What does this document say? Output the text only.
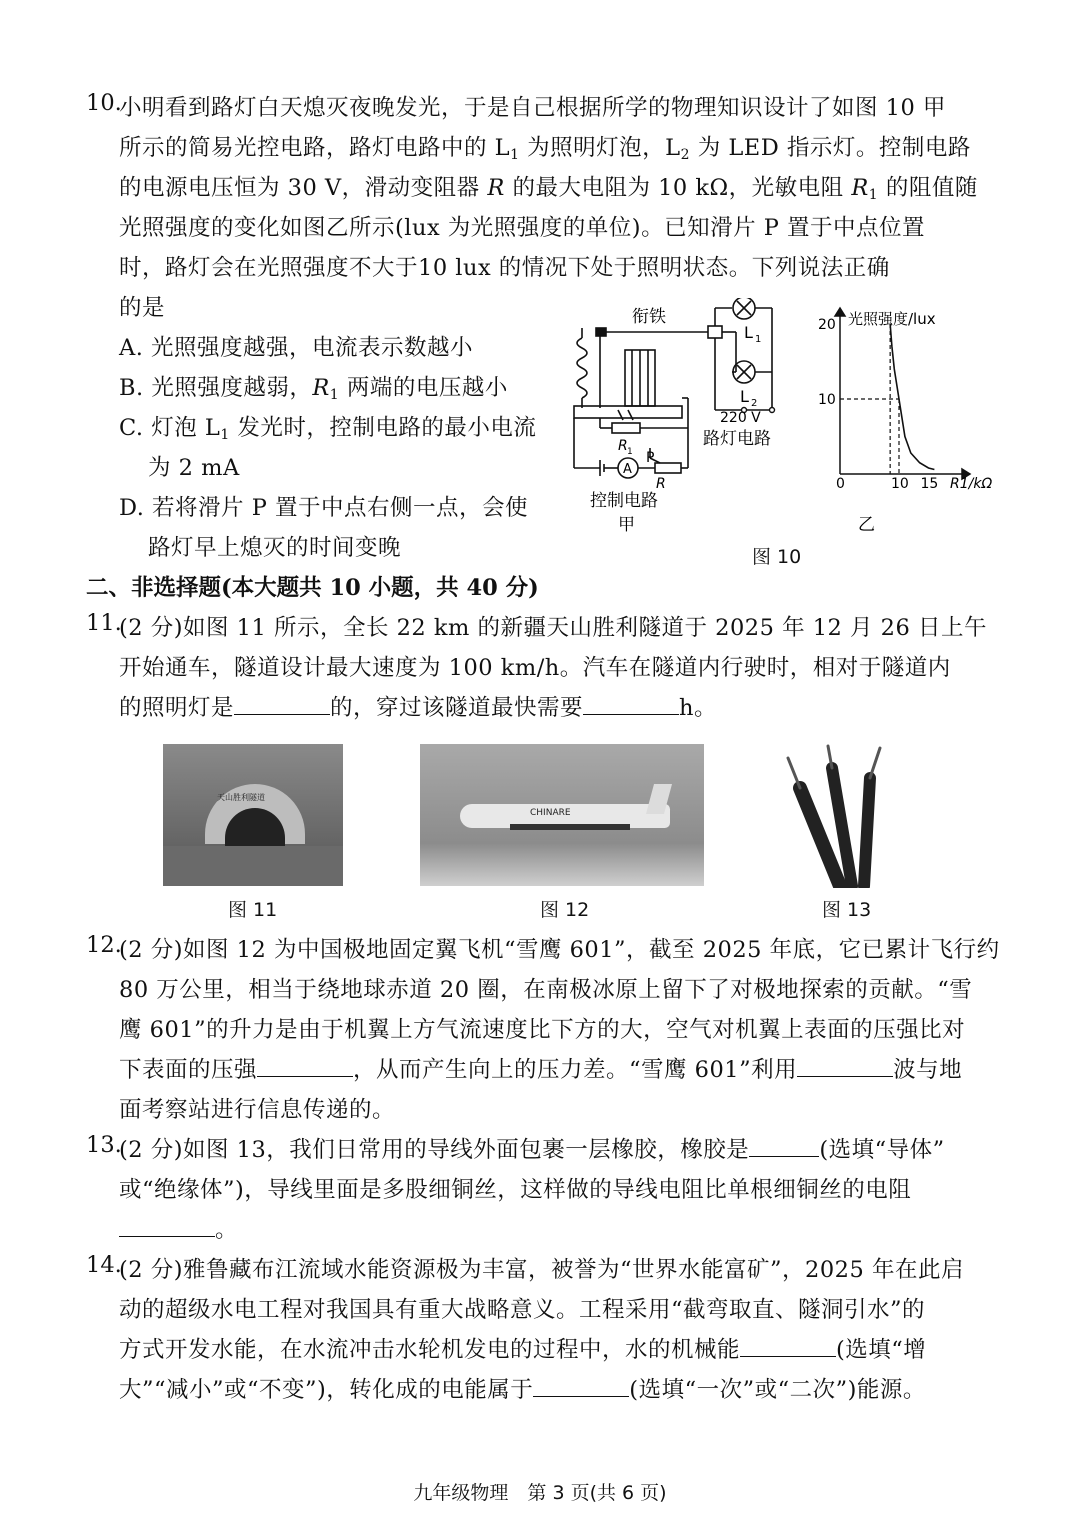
10.
小明看到路灯白天熄灭夜晚发光，于是自己根据所学的物理知识设计了如图 10 甲
所示的简易光控电路，路灯电路中的 $L_1$ 为照明灯泡，$L_2$ 为 LED 指示灯。控制电路
的电源电压恒为 30 V，滑动变阻器 R 的最大电阻为 10 kΩ，光敏电阻 $R_1$ 的阻值随
光照强度的变化如图乙所示(lux 为光照强度的单位)。已知滑片 P 置于中点位置
时，路灯会在光照强度不大于10 lux 的情况下处于照明状态。下列说法正确
的是
A. 光照强度越强，电流表示数越小
B. 光照强度越弱，$R_1$ 两端的电压越小
C. 灯泡 $L_1$ 发光时，控制电路的最小电流
为 2 mA
D. 若将滑片 P 置于中点右侧一点，会使
路灯早上熄灭的时间变晚
衔铁
L 1
L 2
220 V
路灯电路
R 1
A
P
R
控制电路
甲
光照强度/lux
R1/kΩ
乙
0	10 15
10
20
图 10
二、非选择题(本大题共 10 小题，共 40 分)
11.
(2 分)如图 11 所示，全长 22 km 的新疆天山胜利隧道于 2025 年 12 月 26 日上午
开始通车，隧道设计最大速度为 100 km/h。汽车在隧道内行驶时，相对于隧道内
的照明灯是	的，穿过该隧道最快需要	h。
天山胜利隧道
CHINARE
图 11	图 12	图 13
12.
(2 分)如图 12 为中国极地固定翼飞机“雪鹰 601”，截至 2025 年底，它已累计飞行约
80 万公里，相当于绕地球赤道 20 圈，在南极冰原上留下了对极地探索的贡献。“雪
鹰 601”的升力是由于机翼上方气流速度比下方的大，空气对机翼上表面的压强比对
下表面的压强	，从而产生向上的压力差。“雪鹰 601”利用	波与地
面考察站进行信息传递的。
13.
(2 分)如图 13，我们日常用的导线外面包裹一层橡胶，橡胶是	(选填“导体”
或“绝缘体”)，导线里面是多股细铜丝，这样做的导线电阻比单根细铜丝的电阻
。
14.
(2 分)雅鲁藏布江流域水能资源极为丰富，被誉为“世界水能富矿”，2025 年在此启
动的超级水电工程对我国具有重大战略意义。工程采用“截弯取直、隧洞引水”的
方式开发水能，在水流冲击水轮机发电的过程中，水的机械能	(选填“增
大”“减小”或“不变”)，转化成的电能属于	(选填“一次”或“二次”)能源。
九年级物理　第 3 页(共 6 页)
